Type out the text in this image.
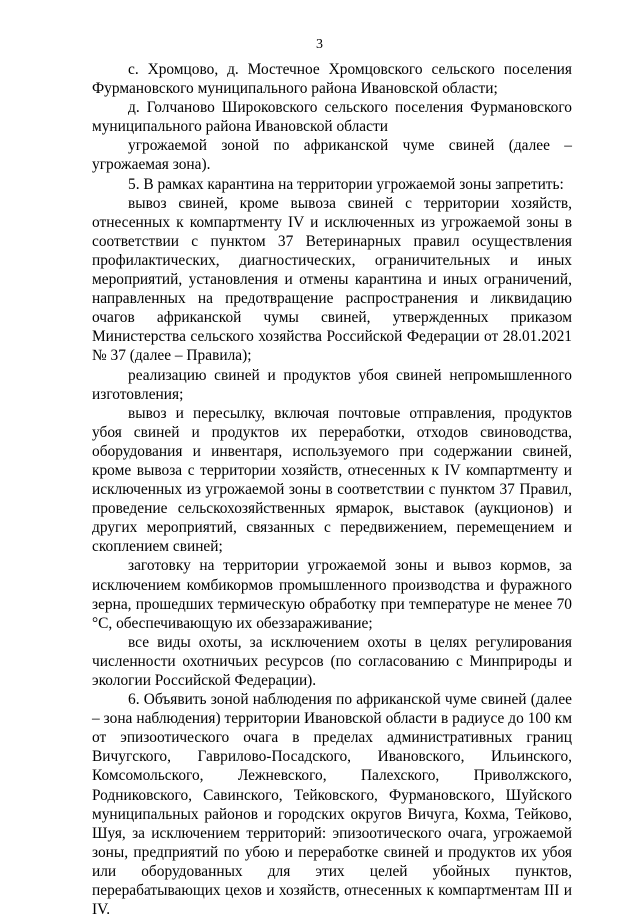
3

с. Хромцово, д. Мостечное Хромцовского сельского поселения Фурмановского муниципального района Ивановской области;

д. Голчаново Широковского сельского поселения Фурмановского муниципального района Ивановской области

угрожаемой зоной по африканской чуме свиней (далее – угрожаемая зона).

5. В рамках карантина на территории угрожаемой зоны запретить:

вывоз свиней, кроме вывоза свиней с территории хозяйств, отнесенных к компартменту IV и исключенных из угрожаемой зоны в соответствии с пунктом 37 Ветеринарных правил осуществления профилактических, диагностических, ограничительных и иных мероприятий, установления и отмены карантина и иных ограничений, направленных на предотвращение распространения и ликвидацию очагов африканской чумы свиней, утвержденных приказом Министерства сельского хозяйства Российской Федерации от 28.01.2021 № 37 (далее – Правила);

реализацию свиней и продуктов убоя свиней непромышленного изготовления;

вывоз и пересылку, включая почтовые отправления, продуктов убоя свиней и продуктов их переработки, отходов свиноводства, оборудования и инвентаря, используемого при содержании свиней, кроме вывоза с территории хозяйств, отнесенных к IV компартменту и исключенных из угрожаемой зоны в соответствии с пунктом 37 Правил, проведение сельскохозяйственных ярмарок, выставок (аукционов) и других мероприятий, связанных с передвижением, перемещением и скоплением свиней;

заготовку на территории угрожаемой зоны и вывоз кормов, за исключением комбикормов промышленного производства и фуражного зерна, прошедших термическую обработку при температуре не менее 70 °С, обеспечивающую их обеззараживание;

все виды охоты, за исключением охоты в целях регулирования численности охотничьих ресурсов (по согласованию с Минприроды и экологии Российской Федерации).

6. Объявить зоной наблюдения по африканской чуме свиней (далее – зона наблюдения) территории Ивановской области в радиусе до 100 км от эпизоотического очага в пределах административных границ Вичугского, Гаврилово-Посадского, Ивановского, Ильинского, Комсомольского, Лежневского, Палехского, Приволжского, Родниковского, Савинского, Тейковского, Фурмановского, Шуйского муниципальных районов и городских округов Вичуга, Кохма, Тейково, Шуя, за исключением территорий: эпизоотического очага, угрожаемой зоны, предприятий по убою и переработке свиней и продуктов их убоя или оборудованных для этих целей убойных пунктов, перерабатывающих цехов и хозяйств, отнесенных к компартментам III и IV.
